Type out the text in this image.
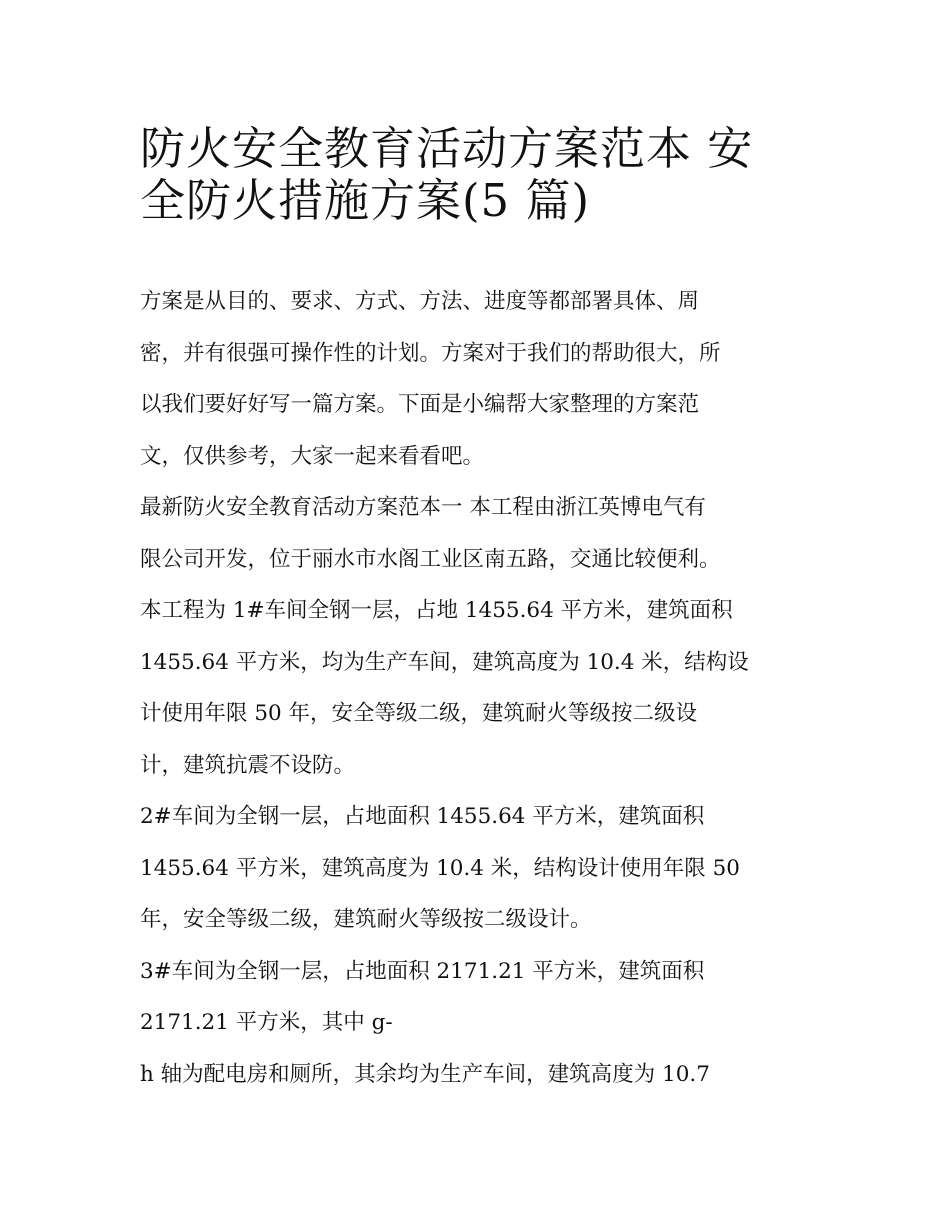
防火安全教育活动方案范本 安
全防火措施方案(5 篇)
方案是从目的、要求、方式、方法、进度等都部署具体、周
密，并有很强可操作性的计划。方案对于我们的帮助很大，所
以我们要好好写一篇方案。下面是小编帮大家整理的方案范
文，仅供参考，大家一起来看看吧。
最新防火安全教育活动方案范本一 本工程由浙江英博电气有
限公司开发，位于丽水市水阁工业区南五路，交通比较便利。
本工程为 1#车间全钢一层，占地 1455.64 平方米，建筑面积
1455.64 平方米，均为生产车间，建筑高度为 10.4 米，结构设
计使用年限 50 年，安全等级二级，建筑耐火等级按二级设
计，建筑抗震不设防。
2#车间为全钢一层，占地面积 1455.64 平方米，建筑面积
1455.64 平方米，建筑高度为 10.4 米，结构设计使用年限 50
年，安全等级二级，建筑耐火等级按二级设计。
3#车间为全钢一层，占地面积 2171.21 平方米，建筑面积
2171.21 平方米，其中 g-
h 轴为配电房和厕所，其余均为生产车间，建筑高度为 10.7
